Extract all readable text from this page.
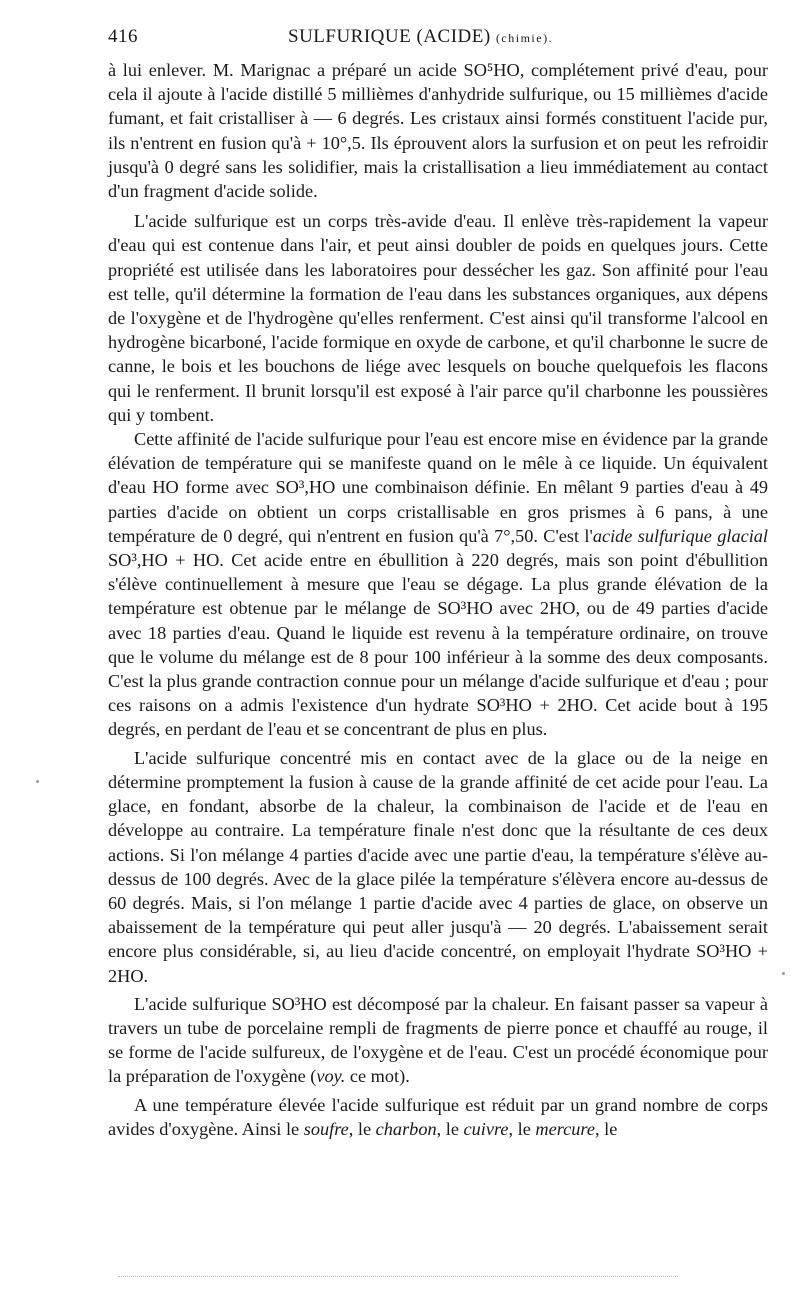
416	SULFURIQUE (ACIDE) (chimie).

à lui enlever. M. Marignac a préparé un acide SO⁵HO, complétement privé d'eau, pour cela il ajoute à l'acide distillé 5 millièmes d'anhydride sulfurique, ou 15 millièmes d'acide fumant, et fait cristalliser à — 6 degrés. Les cristaux ainsi formés constituent l'acide pur, ils n'entrent en fusion qu'à + 10°,5. Ils éprouvent alors la surfusion et on peut les refroidir jusqu'à 0 degré sans les solidifier, mais la cristallisation a lieu immédiatement au contact d'un fragment d'acide solide.

L'acide sulfurique est un corps très-avide d'eau. Il enlève très-rapidement la vapeur d'eau qui est contenue dans l'air, et peut ainsi doubler de poids en quelques jours. Cette propriété est utilisée dans les laboratoires pour dessécher les gaz. Son affinité pour l'eau est telle, qu'il détermine la formation de l'eau dans les substances organiques, aux dépens de l'oxygène et de l'hydrogène qu'elles renferment. C'est ainsi qu'il transforme l'alcool en hydrogène bicarboné, l'acide formique en oxyde de carbone, et qu'il charbonne le sucre de canne, le bois et les bouchons de liége avec lesquels on bouche quelquefois les flacons qui le renferment. Il brunit lorsqu'il est exposé à l'air parce qu'il charbonne les poussières qui y tombent.

Cette affinité de l'acide sulfurique pour l'eau est encore mise en évidence par la grande élévation de température qui se manifeste quand on le mêle à ce liquide. Un équivalent d'eau HO forme avec SO³,HO une combinaison définie. En mêlant 9 parties d'eau à 49 parties d'acide on obtient un corps cristallisable en gros prismes à 6 pans, à une température de 0 degré, qui n'entrent en fusion qu'à 7°,50. C'est l'acide sulfurique glacial SO³,HO + HO. Cet acide entre en ébullition à 220 degrés, mais son point d'ébullition s'élève continuellement à mesure que l'eau se dégage. La plus grande élévation de la température est obtenue par le mélange de SO³HO avec 2HO, ou de 49 parties d'acide avec 18 parties d'eau. Quand le liquide est revenu à la température ordinaire, on trouve que le volume du mélange est de 8 pour 100 inférieur à la somme des deux composants. C'est la plus grande contraction connue pour un mélange d'acide sulfurique et d'eau ; pour ces raisons on a admis l'existence d'un hydrate SO³HO + 2HO. Cet acide bout à 195 degrés, en perdant de l'eau et se concentrant de plus en plus.

L'acide sulfurique concentré mis en contact avec de la glace ou de la neige en détermine promptement la fusion à cause de la grande affinité de cet acide pour l'eau. La glace, en fondant, absorbe de la chaleur, la combinaison de l'acide et de l'eau en développe au contraire. La température finale n'est donc que la résultante de ces deux actions. Si l'on mélange 4 parties d'acide avec une partie d'eau, la température s'élève au-dessus de 100 degrés. Avec de la glace pilée la température s'élèvera encore au-dessus de 60 degrés. Mais, si l'on mélange 1 partie d'acide avec 4 parties de glace, on observe un abaissement de la température qui peut aller jusqu'à — 20 degrés. L'abaissement serait encore plus considérable, si, au lieu d'acide concentré, on employait l'hydrate SO³HO + 2HO.

L'acide sulfurique SO³HO est décomposé par la chaleur. En faisant passer sa vapeur à travers un tube de porcelaine rempli de fragments de pierre ponce et chauffé au rouge, il se forme de l'acide sulfureux, de l'oxygène et de l'eau. C'est un procédé économique pour la préparation de l'oxygène (voy. ce mot).

A une température élevée l'acide sulfurique est réduit par un grand nombre de corps avides d'oxygène. Ainsi le soufre, le charbon, le cuivre, le mercure, le
